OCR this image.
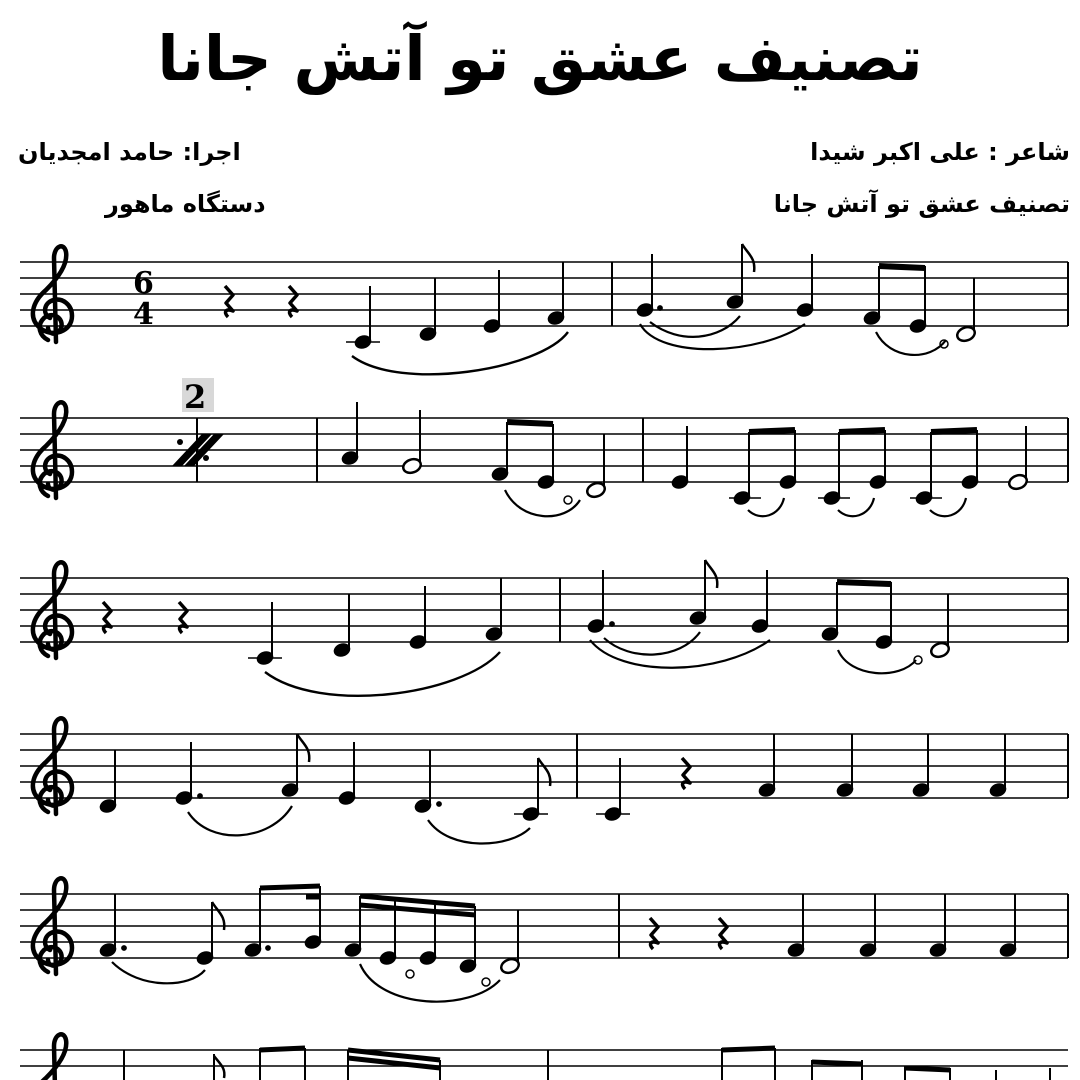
تصنیف عشق تو آتش جانا
شاعر : علی اکبر شیدا
تصنیف عشق تو آتش جانا
اجرا: حامد امجدیان
دستگاه ماهور
6
4
2
